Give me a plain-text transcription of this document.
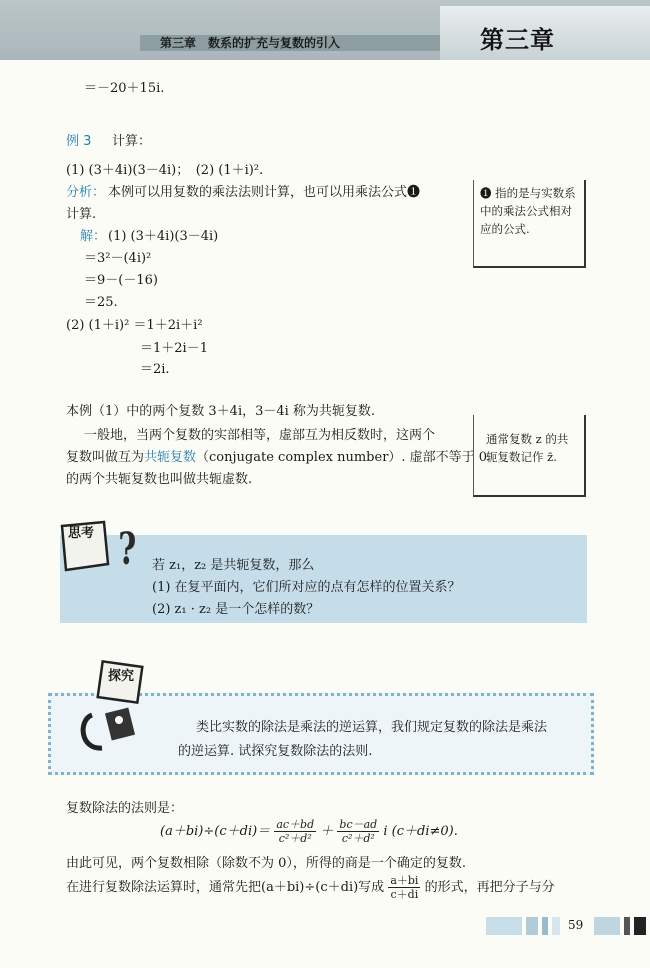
第三章　数系的扩充与复数的引入	第三章
＝－20＋15i.
例 3 计算：
(1) (3＋4i)(3－4i)；　(2) (1＋i)².
分析： 本例可以用复数的乘法法则计算，也可以用乘法公式❶
计算.
解： (1) (3＋4i)(3－4i)
＝3²－(4i)²
＝9－(－16)
＝25.
(2) (1＋i)² ＝1＋2i＋i²
＝1＋2i－1
＝2i.
❶ 指的是与实数系中的乘法公式相对应的公式.
本例（1）中的两个复数 3＋4i，3－4i 称为共轭复数.
一般地，当两个复数的实部相等，虚部互为相反数时，这两个
复数叫做互为共轭复数（conjugate complex number）. 虚部不等于 0
的两个共轭复数也叫做共轭虚数.
通常复数 z 的共轭复数记作 z̄.
?
思考
若 z₁，z₂ 是共轭复数，那么
(1) 在复平面内，它们所对应的点有怎样的位置关系？
(2) z₁ · z₂ 是一个怎样的数？
探究
类比实数的除法是乘法的逆运算，我们规定复数的除法是乘法
的逆运算. 试探究复数除法的法则.
复数除法的法则是：
$(a+bi)\div(c+di)= \frac{ac+bd}{\text{c²＋d²}} + \frac{bc-ad}{\text{c²＋d²}}$ i (c＋di≠0).
由此可见，两个复数相除（除数不为 0），所得的商是一个确定的复数.
在进行复数除法运算时，通常先把(a＋bi)÷(c＋di)写成 $\frac{a+bi}{c+di}$ 的形式，再把分子与分
59
